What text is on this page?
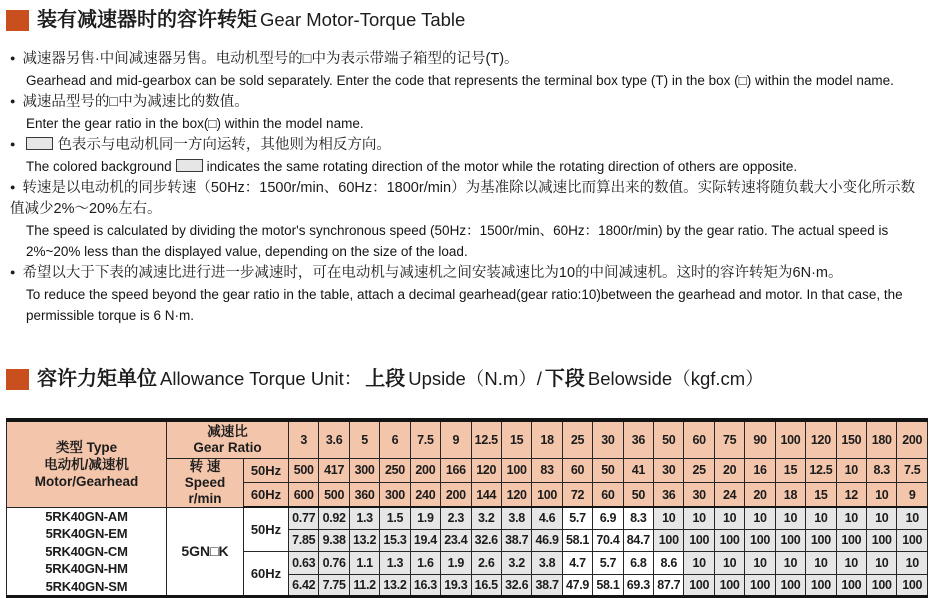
装有减速器时的容许转矩 Gear Motor-Torque Table
● 减速器另售·中间减速器另售。电动机型号的□中为表示带端子箱型的记号(T)。
Gearhead and mid-gearbox can be sold separately. Enter the code that represents the terminal box type (T) in the box (□) within the model name.
● 减速品型号的□中为减速比的数值。
Enter the gear ratio in the box(□) within the model name.
● 色表示与电动机同一方向运转，其他则为相反方向。
The colored background	indicates the same rotating direction of the motor while the rotating direction of others are opposite.
● 转速是以电动机的同步转速（50Hz：1500r/min、60Hz：1800r/min）为基准除以减速比而算出来的数值。实际转速将随负载大小变化所示数值减少2%～20%左右。
The speed is calculated by dividing the motor's synchronous speed (50Hz：1500r/min、60Hz：1800r/min) by the gear ratio. The actual speed is 2%~20% less than the displayed value, depending on the size of the load.
● 希望以大于下表的减速比进行进一步减速时，可在电动机与减速机之间安装减速比为10的中间减速机。这时的容许转矩为6N·m。
To reduce the speed beyond the gear ratio in the table, attach a decimal gearhead(gear ratio:10)between the gearhead and motor. In that case, the permissible torque is 6 N·m.
容许力矩单位 Allowance Torque Unit： 上段 Upside（N.m）/ 下段 Belowside（kgf.cm）
类型 Type
电动机/减速机
Motor/Gearhead

减速比
Gear Ratio	3	3.6	5	6	7.5	9	12.5	15	18	25	30	36	50	60	75	90	100	120	150	180	200

	转 速
Speed r/min	50Hz	500	417	300	250	200	166	120	100	83	60	50	41	30	25	20	16	15	12.5	10	8.3	7.5
		60Hz	600	500	360	300	240	200	144	120	100	72	60	50	36	30	24	20	18	15	12	10	9

5RK40GN-AM
5RK40GN-EM
5RK40GN-CM
5RK40GN-HM
5RK40GN-SM	5GN□K	50Hz	0.77	0.92	1.3	1.5	1.9	2.3	3.2	3.8	4.6	5.7	6.9	8.3	10	10	10	10	10	10	10	10	10
			7.85	9.38	13.2	15.3	19.4	23.4	32.6	38.7	46.9	58.1	70.4	84.7	100	100	100	100	100	100	100	100	100
		60Hz	0.63	0.76	1.1	1.3	1.6	1.9	2.6	3.2	3.8	4.7	5.7	6.8	8.6	10	10	10	10	10	10	10	10
			6.42	7.75	11.2	13.2	16.3	19.3	16.5	32.6	38.7	47.9	58.1	69.3	87.7	100	100	100	100	100	100	100	100
